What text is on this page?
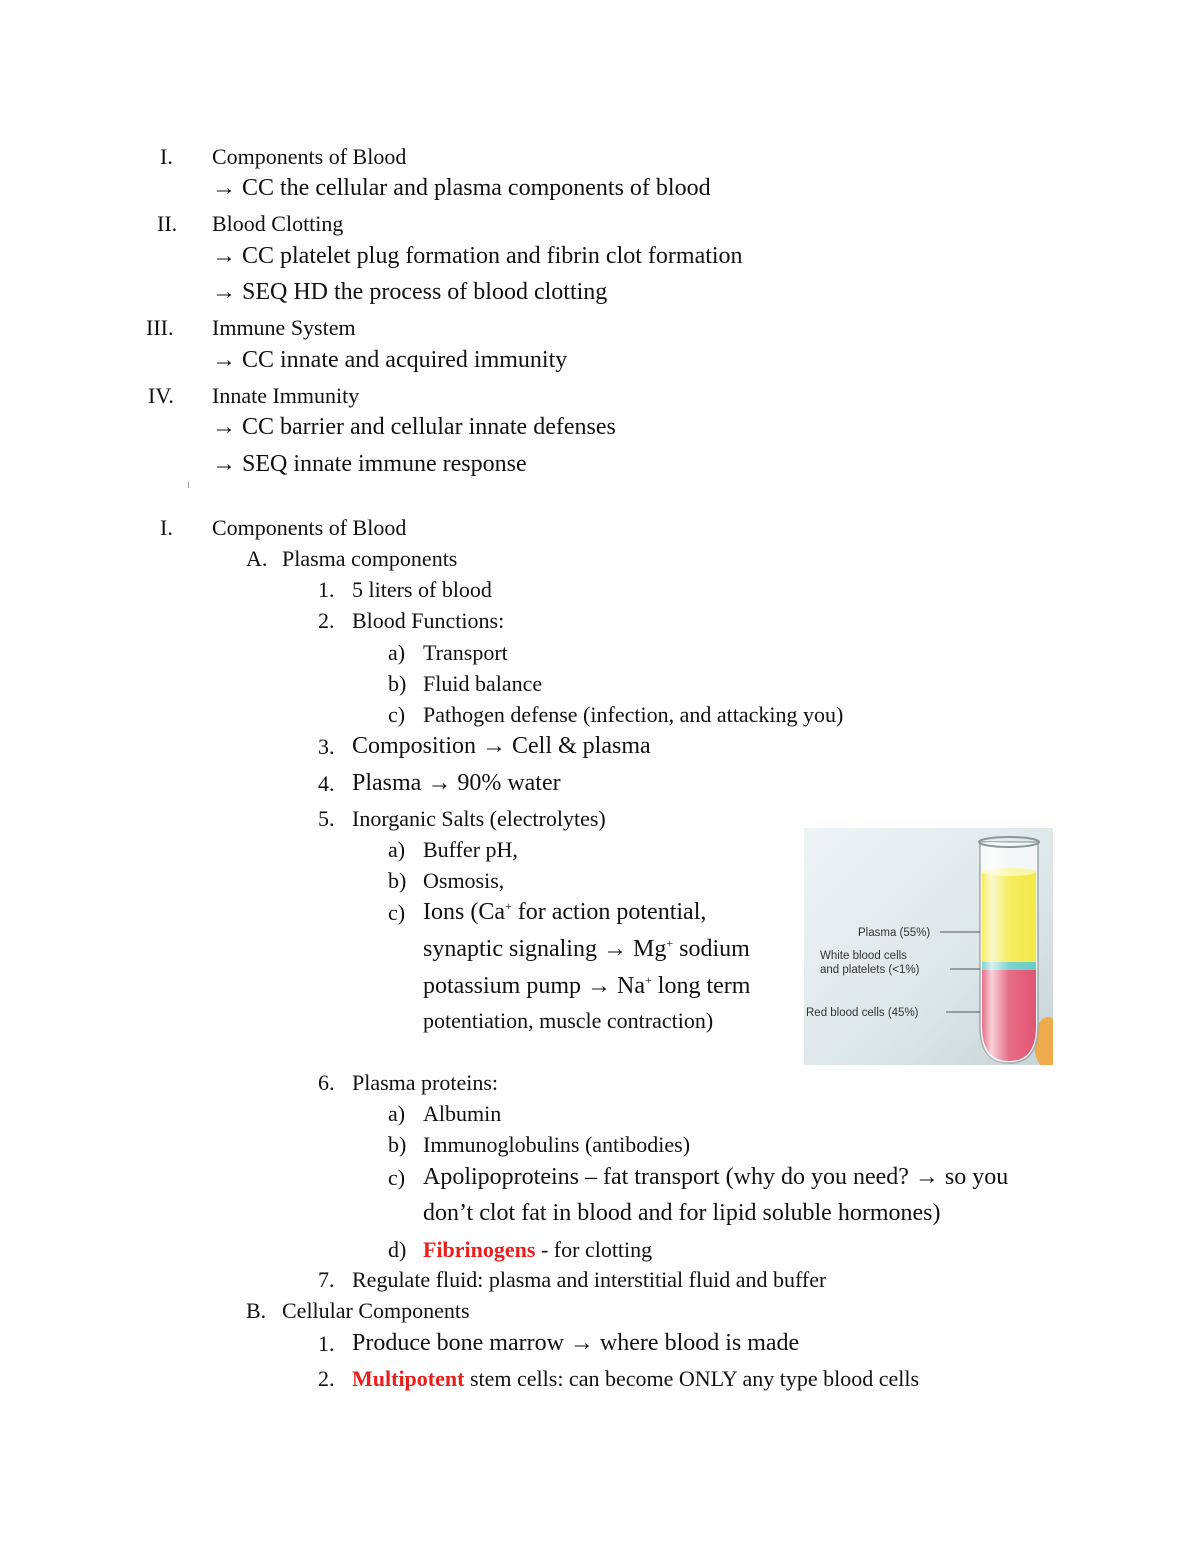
I. Components of Blood
→ CC the cellular and plasma components of blood
II. Blood Clotting
→ CC platelet plug formation and fibrin clot formation
→ SEQ HD the process of blood clotting
III. Immune System
→ CC innate and acquired immunity
IV. Innate Immunity
→ CC barrier and cellular innate defenses
→ SEQ innate immune response
I. Components of Blood
A. Plasma components
1. 5 liters of blood
2. Blood Functions:
a) Transport
b) Fluid balance
c) Pathogen defense (infection, and attacking you)
3. Composition → Cell & plasma
4. Plasma → 90% water
5. Inorganic Salts (electrolytes)
a) Buffer pH,
b) Osmosis,
c) Ions (Ca+ for action potential,
synaptic signaling → Mg+ sodium
potassium pump → Na+ long term
potentiation, muscle contraction)
6. Plasma proteins:
a) Albumin
b) Immunoglobulins (antibodies)
c) Apolipoproteins – fat transport (why do you need? → so you
don’t clot fat in blood and for lipid soluble hormones)
d) Fibrinogens - for clotting
7. Regulate fluid: plasma and interstitial fluid and buffer
B. Cellular Components
1. Produce bone marrow → where blood is made
2. Multipotent stem cells: can become ONLY any type blood cells
Plasma (55%)
White blood cells
and platelets (<1%)
Red blood cells (45%)
